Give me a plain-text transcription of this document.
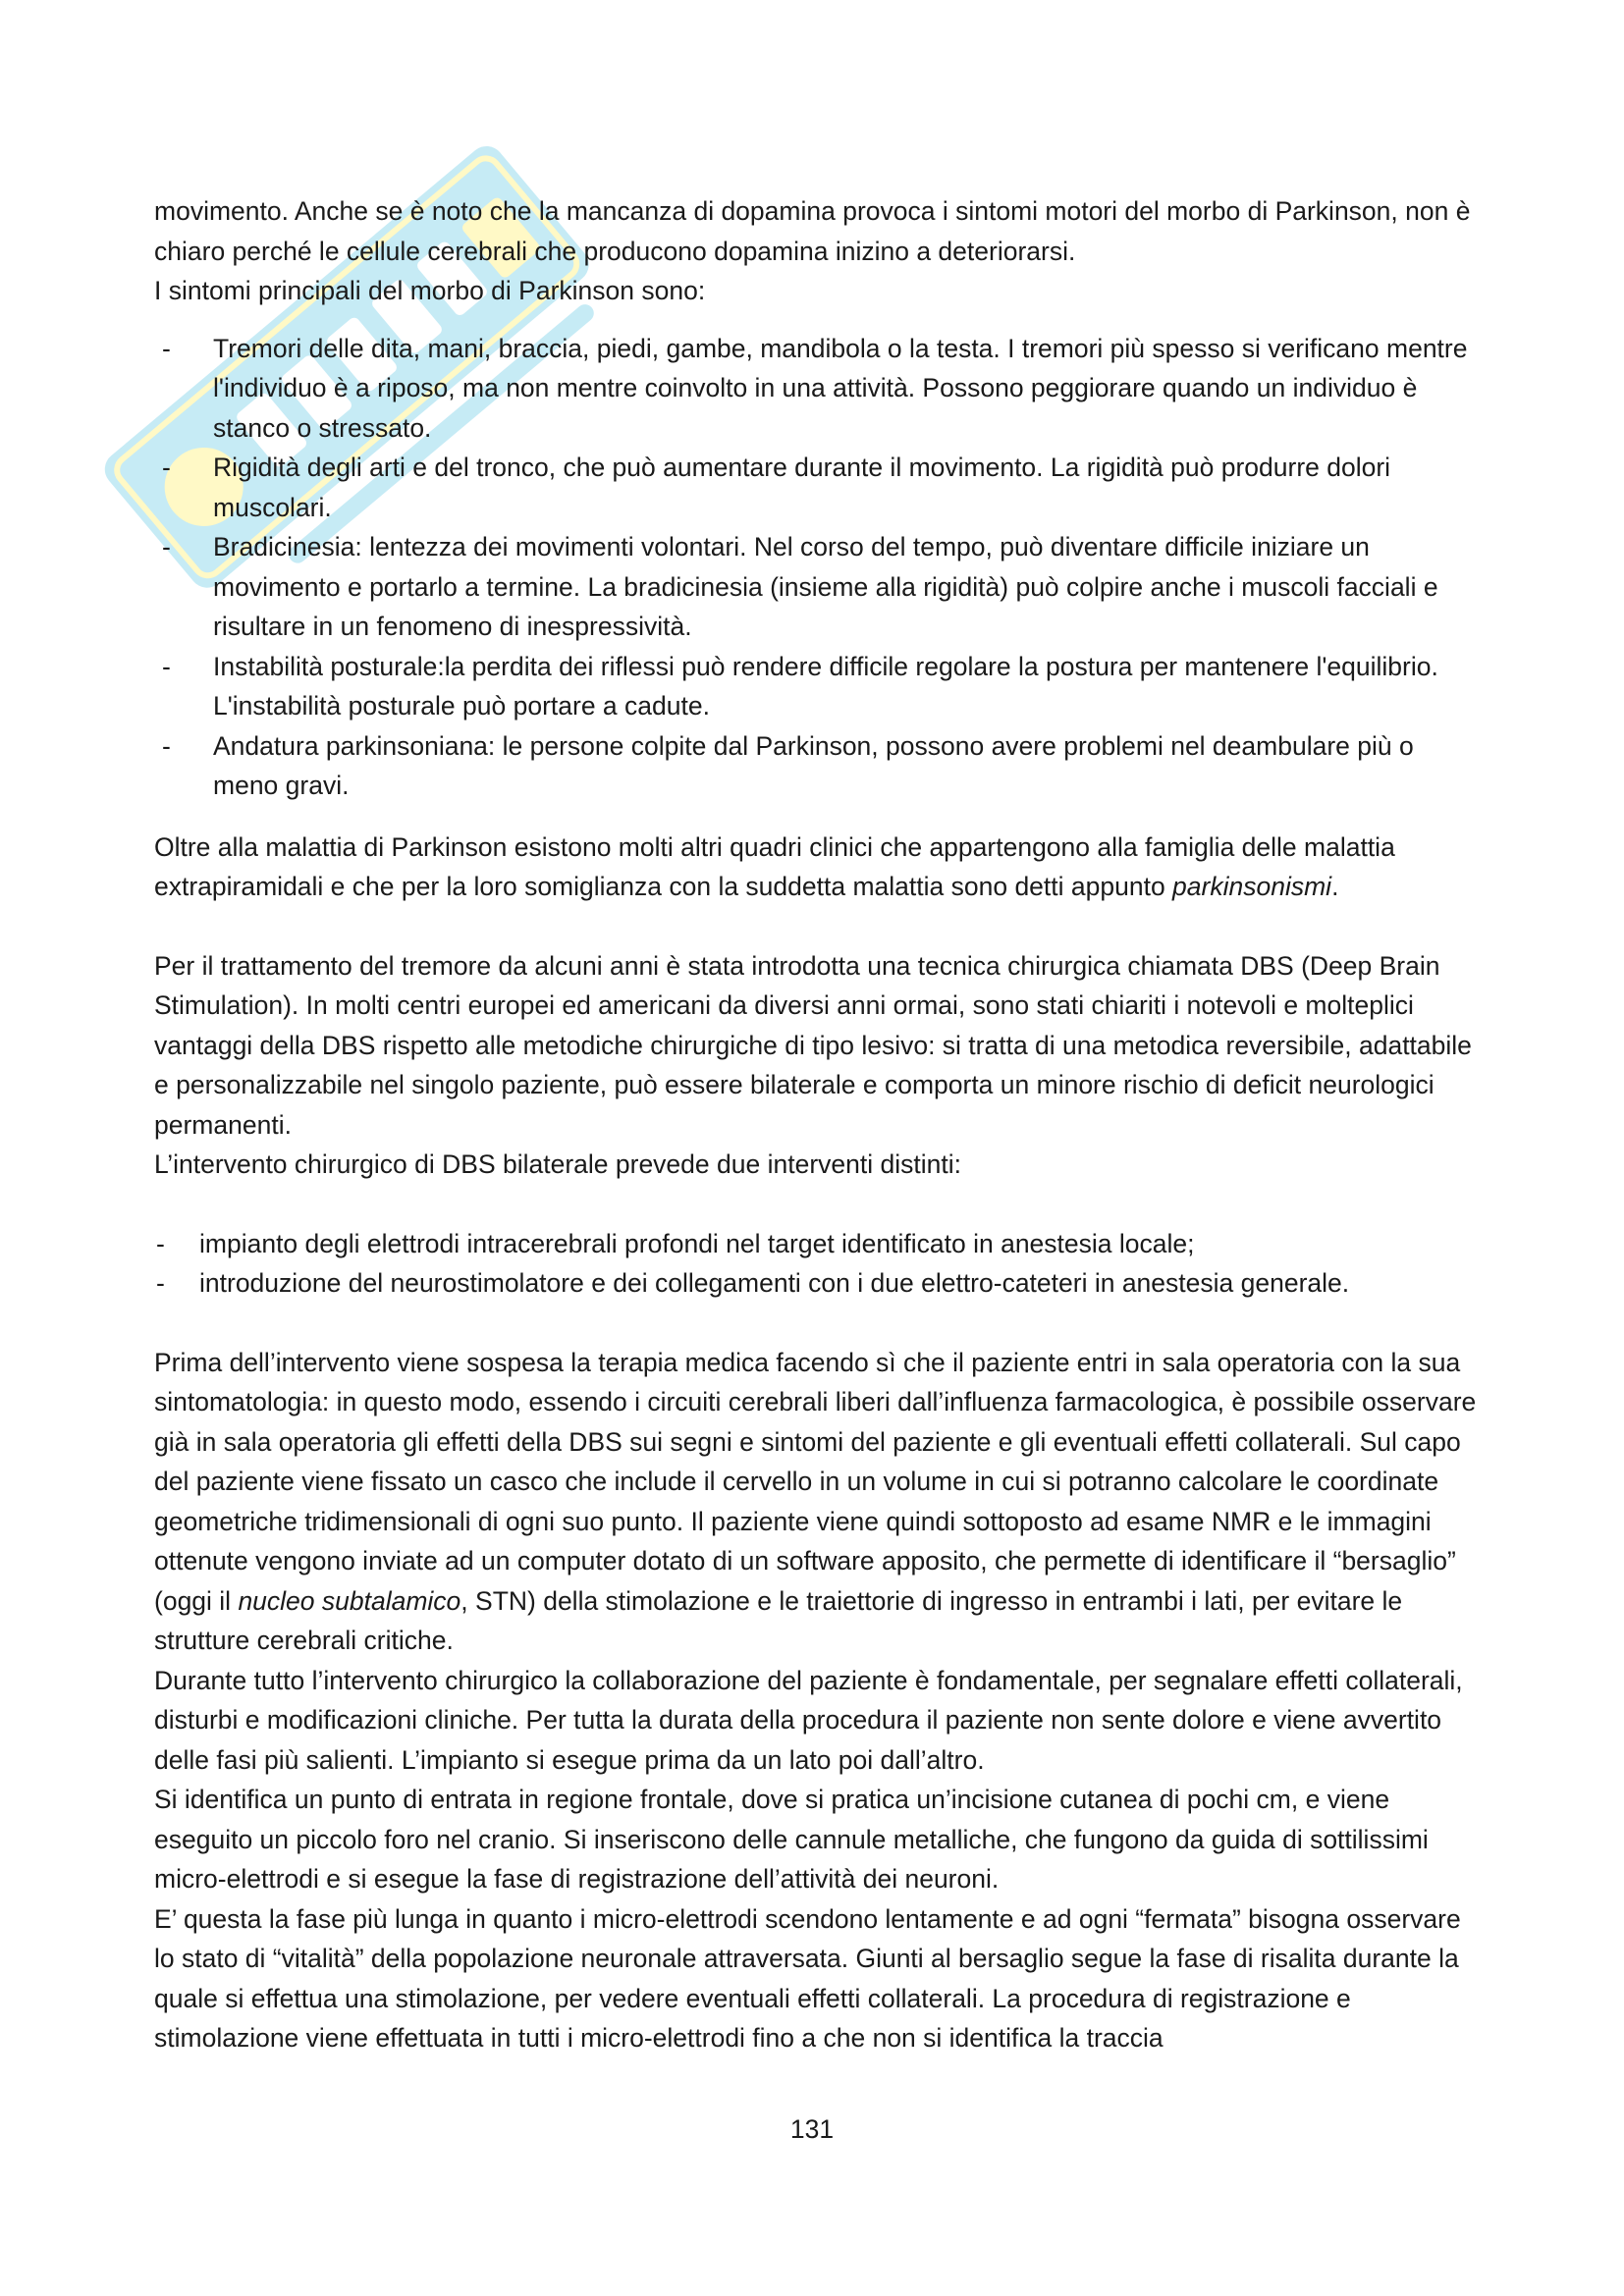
movimento. Anche se è noto che la mancanza di dopamina provoca i sintomi motori del morbo di Parkinson, non è chiaro perché le cellule cerebrali che producono dopamina inizino a deteriorarsi.

I sintomi principali del morbo di Parkinson sono:

- Tremori delle dita, mani, braccia, piedi, gambe, mandibola o la testa. I tremori più spesso si verificano mentre l'individuo è a riposo, ma non mentre coinvolto in una attività. Possono peggiorare quando un individuo è stanco o stressato.
- Rigidità degli arti e del tronco, che può aumentare durante il movimento. La rigidità può produrre dolori muscolari.
- Bradicinesia: lentezza dei movimenti volontari. Nel corso del tempo, può diventare difficile iniziare un movimento e portarlo a termine. La bradicinesia (insieme alla rigidità) può colpire anche i muscoli facciali e risultare in un fenomeno di inespressività.
- Instabilità posturale:la perdita dei riflessi può rendere difficile regolare la postura per mantenere l'equilibrio. L'instabilità posturale può portare a cadute.
- Andatura parkinsoniana: le persone colpite dal Parkinson, possono avere problemi nel deambulare più o meno gravi.

Oltre alla malattia di Parkinson esistono molti altri quadri clinici che appartengono alla famiglia delle malattia extrapiramidali e che per la loro somiglianza con la suddetta malattia sono detti appunto parkinsonismi.

Per il trattamento del tremore da alcuni anni è stata introdotta una tecnica chirurgica chiamata DBS (Deep Brain Stimulation). In molti centri europei ed americani da diversi anni ormai, sono stati chiariti i notevoli e molteplici vantaggi della DBS rispetto alle metodiche chirurgiche di tipo lesivo: si tratta di una metodica reversibile, adattabile e personalizzabile nel singolo paziente, può essere bilaterale e comporta un minore rischio di deficit neurologici permanenti.

L’intervento chirurgico di DBS bilaterale prevede due interventi distinti:

- impianto degli elettrodi intracerebrali profondi nel target identificato in anestesia locale;
- introduzione del neurostimolatore e dei collegamenti con i due elettro-cateteri in anestesia generale.

Prima dell’intervento viene sospesa la terapia medica facendo sì che il paziente entri in sala operatoria con la sua sintomatologia: in questo modo, essendo i circuiti cerebrali liberi dall’influenza farmacologica, è possibile osservare già in sala operatoria gli effetti della DBS sui segni e sintomi del paziente e gli eventuali effetti collaterali. Sul capo del paziente viene fissato un casco che include il cervello in un volume in cui si potranno calcolare le coordinate geometriche tridimensionali di ogni suo punto. Il paziente viene quindi sottoposto ad esame NMR e le immagini ottenute vengono inviate ad un computer dotato di un software apposito, che permette di identificare il “bersaglio” (oggi il nucleo subtalamico, STN) della stimolazione e le traiettorie di ingresso in entrambi i lati, per evitare le strutture cerebrali critiche.

Durante tutto l’intervento chirurgico la collaborazione del paziente è fondamentale, per segnalare effetti collaterali, disturbi e modificazioni cliniche. Per tutta la durata della procedura il paziente non sente dolore e viene avvertito delle fasi più salienti. L’impianto si esegue prima da un lato poi dall’altro.

Si identifica un punto di entrata in regione frontale, dove si pratica un’incisione cutanea di pochi cm, e viene eseguito un piccolo foro nel cranio. Si inseriscono delle cannule metalliche, che fungono da guida di sottilissimi micro-elettrodi e si esegue la fase di registrazione dell’attività dei neuroni.

E’ questa la fase più lunga in quanto i micro-elettrodi scendono lentamente e ad ogni “fermata” bisogna osservare lo stato di “vitalità” della popolazione neuronale attraversata. Giunti al bersaglio segue la fase di risalita durante la quale si effettua una stimolazione, per vedere eventuali effetti collaterali. La procedura di registrazione e stimolazione viene effettuata in tutti i micro-elettrodi fino a che non si identifica la traccia

131
